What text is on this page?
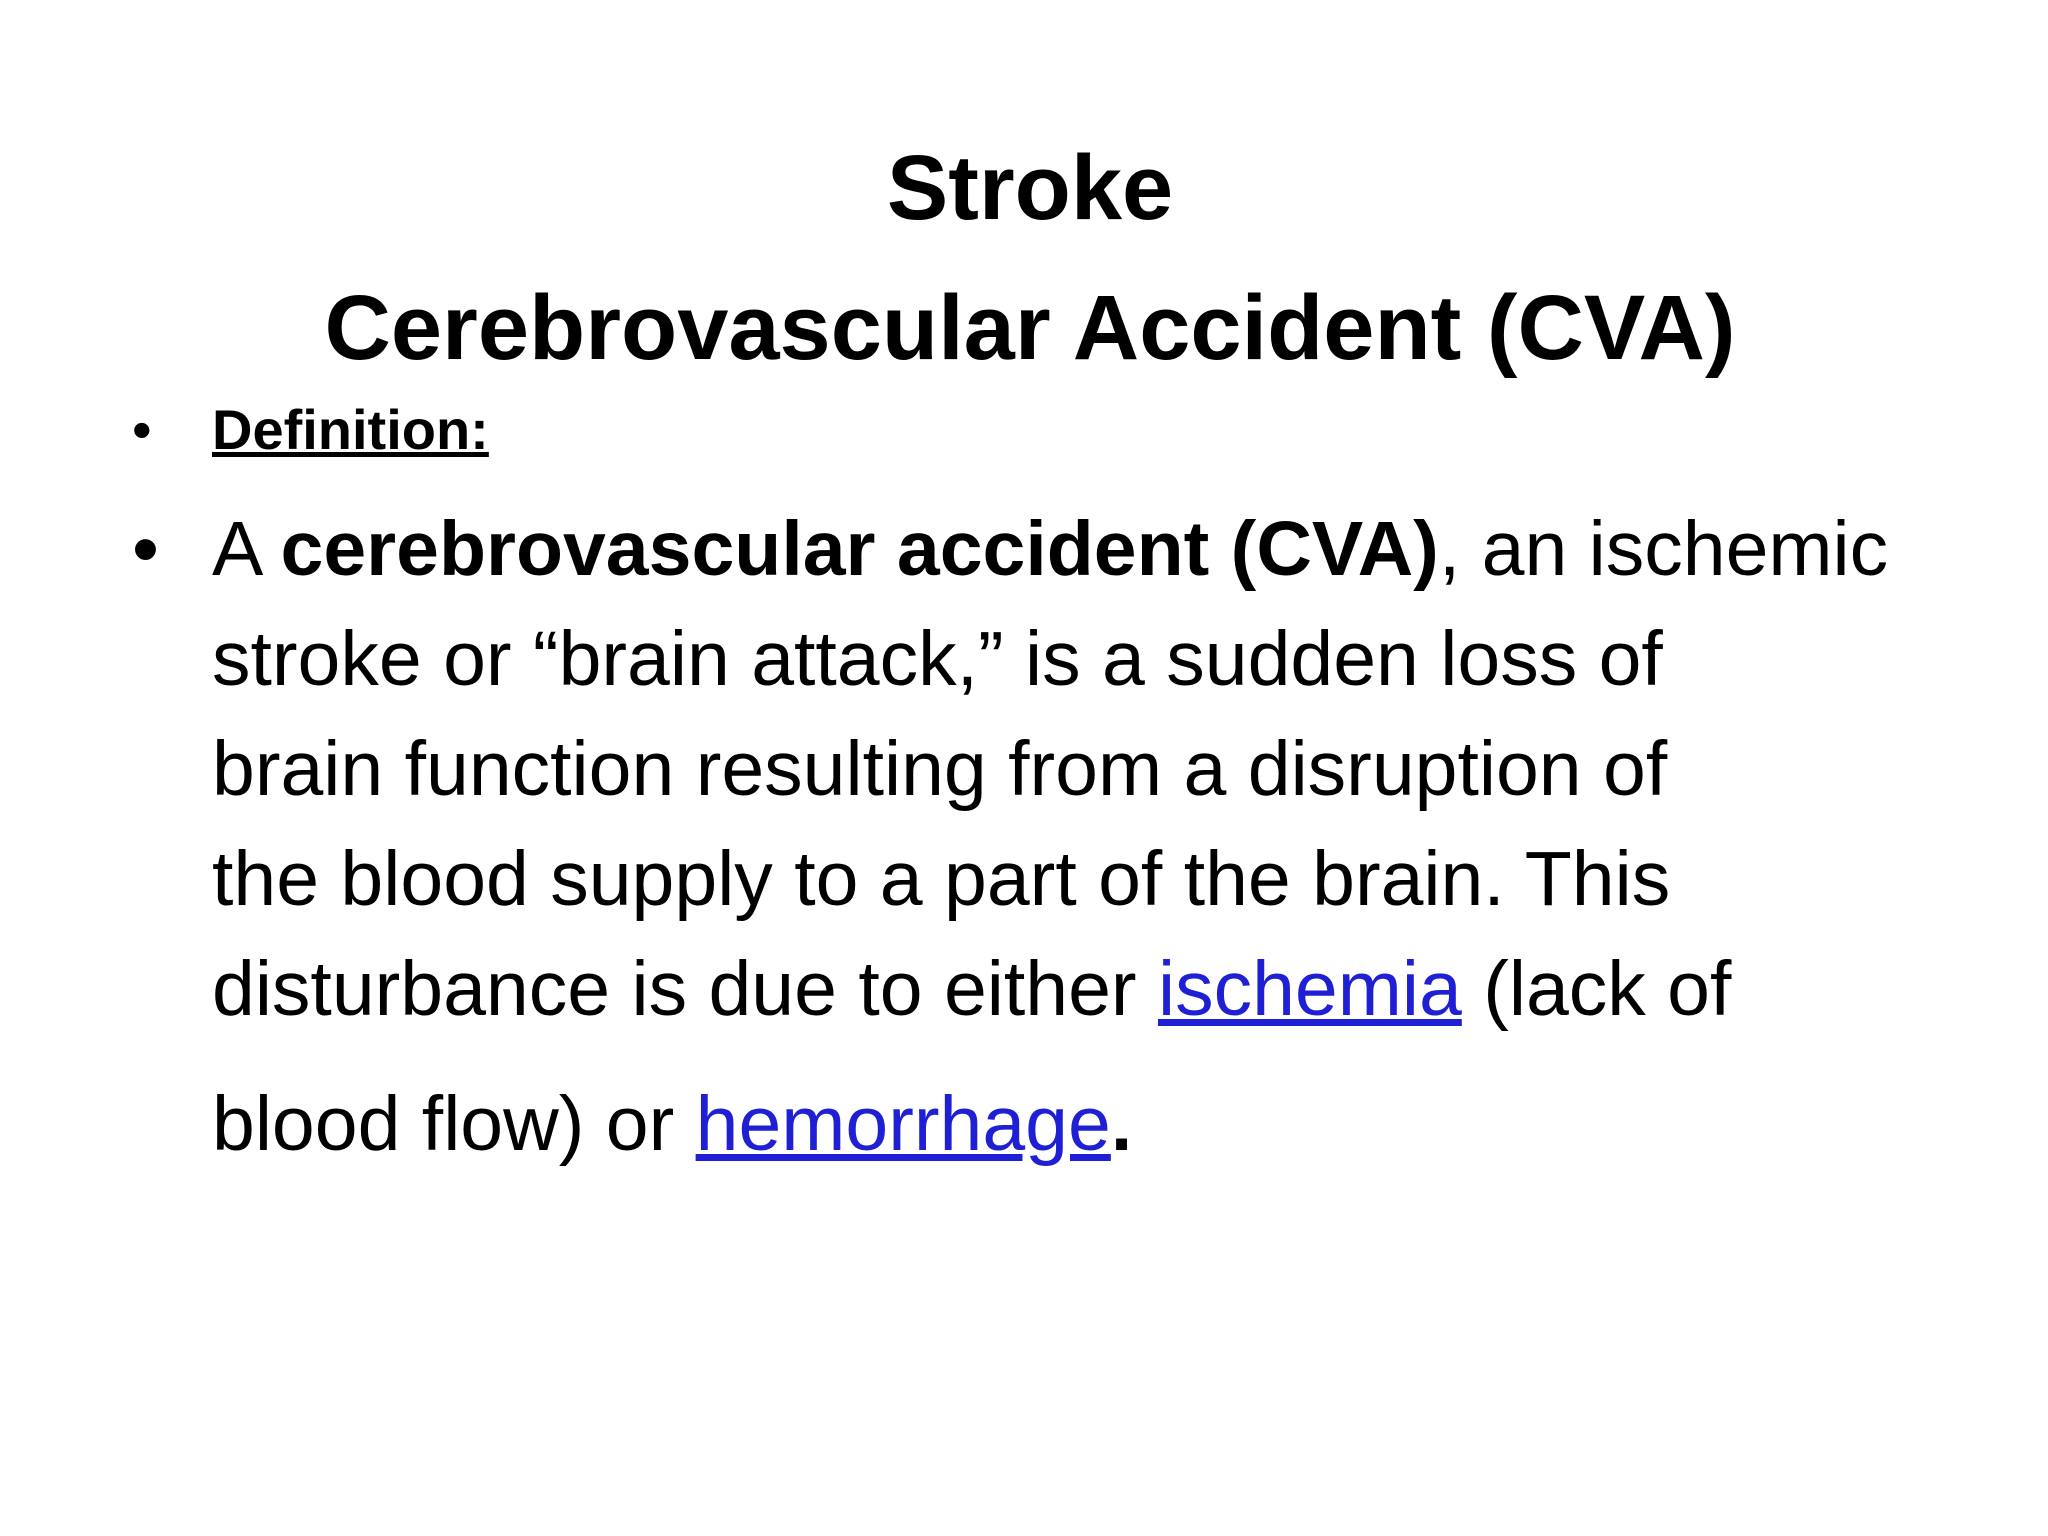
Stroke
Cerebrovascular Accident (CVA)
• Definition:
• A cerebrovascular accident (CVA), an ischemic
stroke or “brain attack,” is a sudden loss of
brain function resulting from a disruption of
the blood supply to a part of the brain. This
disturbance is due to either ischemia (lack of
blood flow) or hemorrhage.
